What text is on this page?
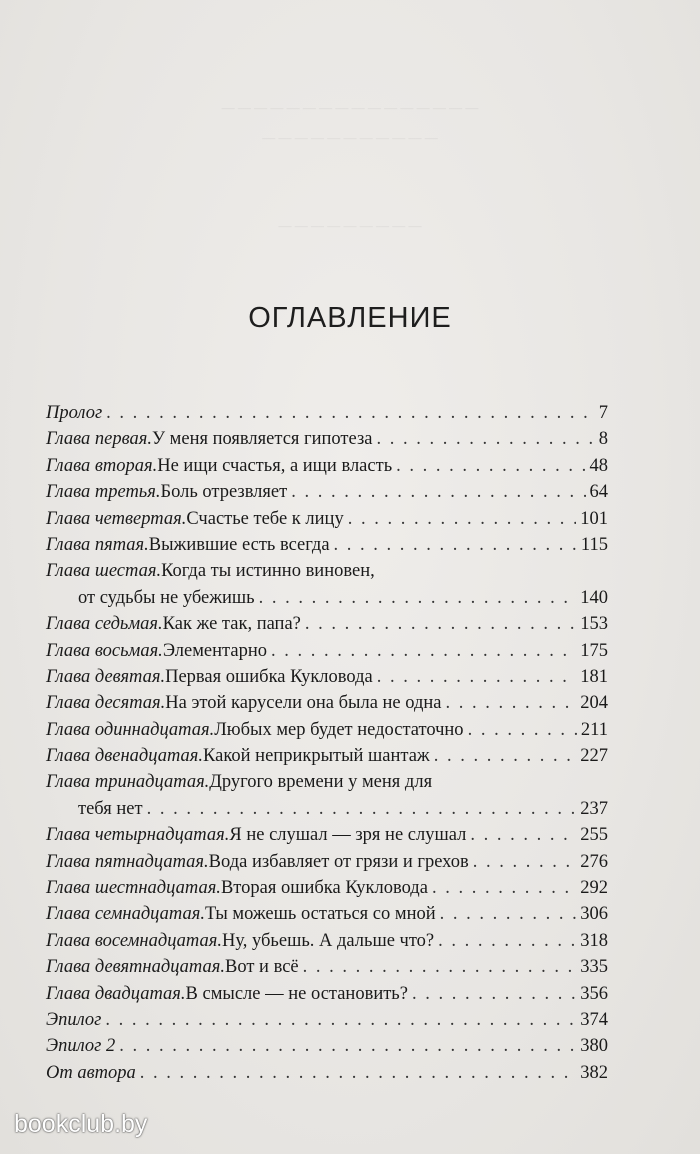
— — — — — — — — — — — — — — — —
— — — — — — — — — — —
— — — — — — — — —
ОГЛАВЛЕНИЕ
Пролог . . .	7
Глава первая. У меня появляется гипотеза . . .	8
Глава вторая. Не ищи счастья, а ищи власть . . .	48
Глава третья. Боль отрезвляет . . .	64
Глава четвертая. Счастье тебе к лицу . . .	101
Глава пятая. Выжившие есть всегда . . .	115
Глава шестая. Когда ты истинно виновен,
от судьбы не убежишь . . .	140
Глава седьмая. Как же так, папа? . . .	153
Глава восьмая. Элементарно . . .	175
Глава девятая. Первая ошибка Кукловода . . .	181
Глава десятая. На этой карусели она была не одна . . .	204
Глава одиннадцатая. Любых мер будет недостаточно . . .	211
Глава двенадцатая. Какой неприкрытый шантаж . . .	227
Глава тринадцатая. Другого времени у меня для
тебя нет . . .	237
Глава четырнадцатая. Я не слушал — зря не слушал . . .	255
Глава пятнадцатая. Вода избавляет от грязи и грехов . . .	276
Глава шестнадцатая. Вторая ошибка Кукловода . . .	292
Глава семнадцатая. Ты можешь остаться со мной . . .	306
Глава восемнадцатая. Ну, убьешь. А дальше что? . . .	318
Глава девятнадцатая. Вот и всё . . .	335
Глава двадцатая. В смысле — не остановить? . . .	356
Эпилог . . .	374
Эпилог 2 . . .	380
От автора . . .	382
bookclub.by
